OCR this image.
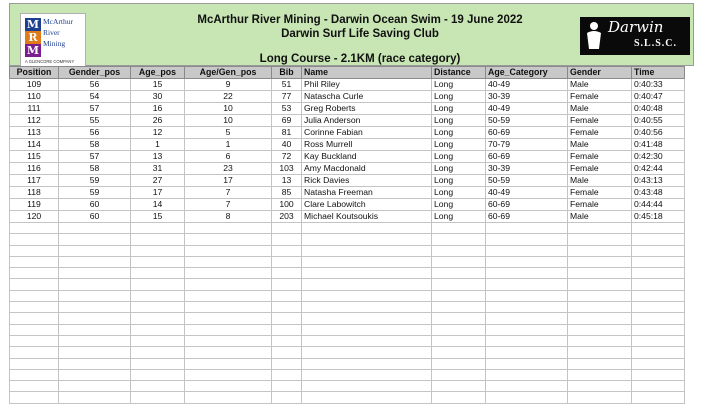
M
R
M
McArthur
River
Mining
A GLENCORE COMPANY
McArthur River Mining - Darwin Ocean Swim - 19 June 2022
Darwin Surf Life Saving Club
Long Course - 2.1KM (race category)
Darwin
S.L.S.C.
Position	Gender_pos	Age_pos	Age/Gen_pos	Bib	Name	Distance	Age_Category	Gender	Time
109	56	15	9	51	Phil Riley	Long	40-49	Male	0:40:33
110	54	30	22	77	Natascha Curle	Long	30-39	Female	0:40:47
111	57	16	10	53	Greg Roberts	Long	40-49	Male	0:40:48
112	55	26	10	69	Julia Anderson	Long	50-59	Female	0:40:55
113	56	12	5	81	Corinne Fabian	Long	60-69	Female	0:40:56
114	58	1	1	40	Ross Murrell	Long	70-79	Male	0:41:48
115	57	13	6	72	Kay Buckland	Long	60-69	Female	0:42:30
116	58	31	23	103	Amy Macdonald	Long	30-39	Female	0:42:44
117	59	27	17	13	Rick Davies	Long	50-59	Male	0:43:13
118	59	17	7	85	Natasha Freeman	Long	40-49	Female	0:43:48
119	60	14	7	100	Clare Labowitch	Long	60-69	Female	0:44:44
120	60	15	8	203	Michael Koutsoukis	Long	60-69	Male	0:45:18
